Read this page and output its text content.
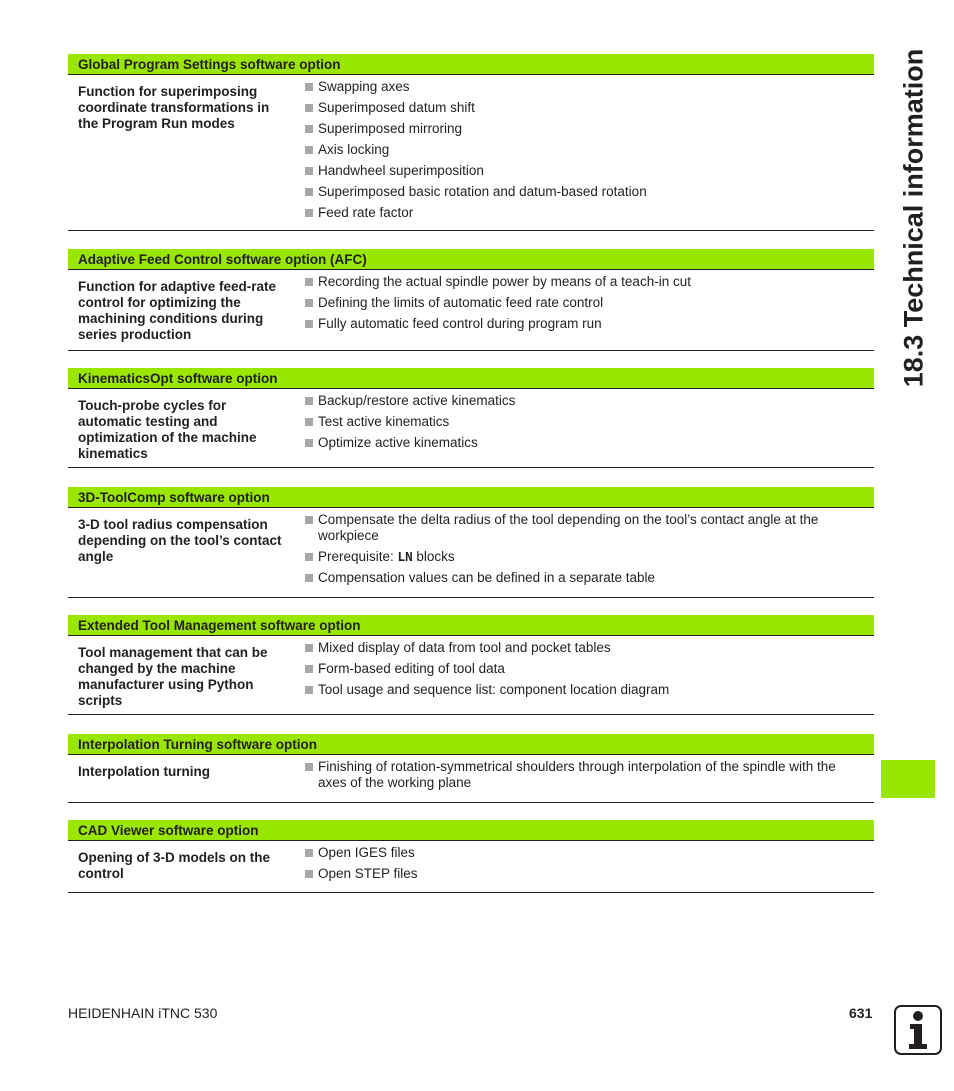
18.3 Technical information
Global Program Settings software option
Function for superimposing coordinate transformations in the Program Run modes
Swapping axes
Superimposed datum shift
Superimposed mirroring
Axis locking
Handwheel superimposition
Superimposed basic rotation and datum-based rotation
Feed rate factor
Adaptive Feed Control software option (AFC)
Function for adaptive feed-rate control for optimizing the machining conditions during series production
Recording the actual spindle power by means of a teach-in cut
Defining the limits of automatic feed rate control
Fully automatic feed control during program run
KinematicsOpt software option
Touch-probe cycles for automatic testing and optimization of the machine kinematics
Backup/restore active kinematics
Test active kinematics
Optimize active kinematics
3D-ToolComp software option
3-D tool radius compensation depending on the tool’s contact angle
Compensate the delta radius of the tool depending on the tool’s contact angle at the workpiece
Prerequisite: LN blocks
Compensation values can be defined in a separate table
Extended Tool Management software option
Tool management that can be changed by the machine manufacturer using Python scripts
Mixed display of data from tool and pocket tables
Form-based editing of tool data
Tool usage and sequence list: component location diagram
Interpolation Turning software option
Interpolation turning	Finishing of rotation-symmetrical shoulders through interpolation of the spindle with the axes of the working plane
CAD Viewer software option
Opening of 3-D models on the control
Open IGES files
Open STEP files
HEIDENHAIN iTNC 530	631
